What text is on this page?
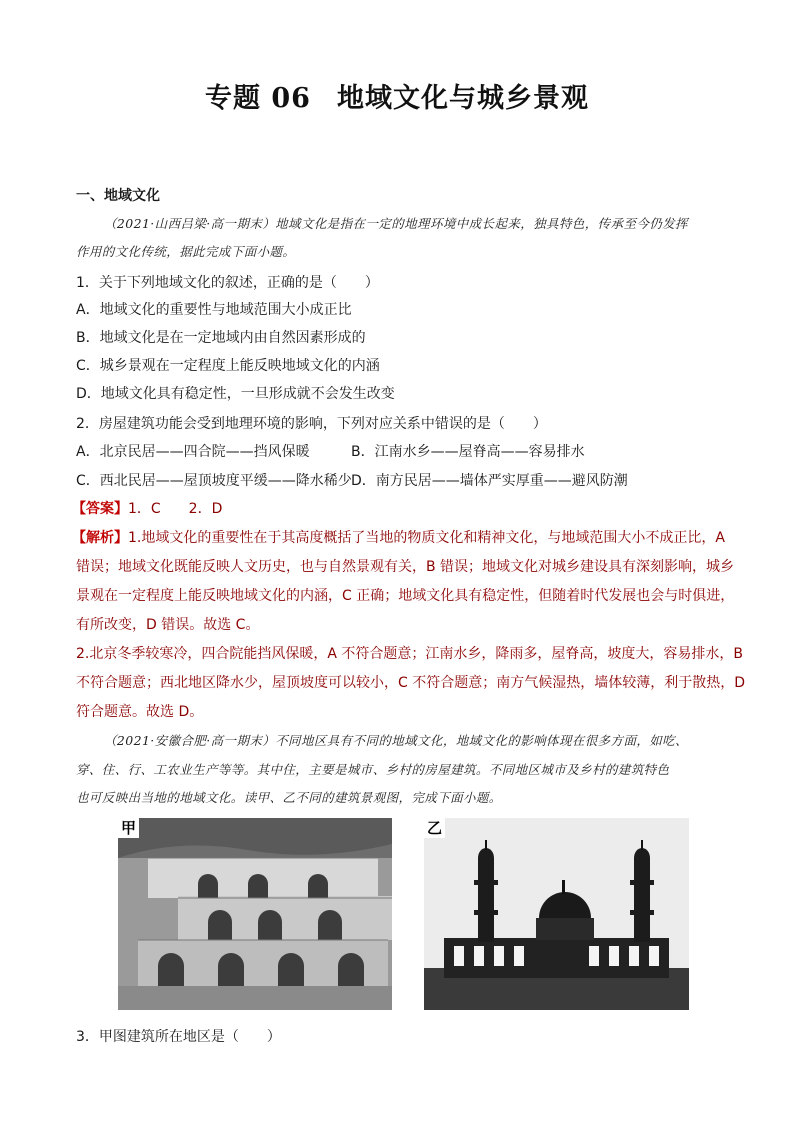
专题 06 地域文化与城乡景观
一、地域文化
（2021·山西吕梁·高一期末）地域文化是指在一定的地理环境中成长起来，独具特色，传承至今仍发挥
作用的文化传统，据此完成下面小题。
1．关于下列地域文化的叙述，正确的是（　　）
A．地域文化的重要性与地域范围大小成正比
B．地域文化是在一定地域内由自然因素形成的
C．城乡景观在一定程度上能反映地域文化的内涵
D．地域文化具有稳定性，一旦形成就不会发生改变
2．房屋建筑功能会受到地理环境的影响，下列对应关系中错误的是（　　）
A．北京民居——四合院——挡风保暖	B．江南水乡——屋脊高——容易排水
C．西北民居——屋顶坡度平缓——降水稀少 D．南方民居——墙体严实厚重——避风防潮
【答案】1．C　　2．D
【解析】1.地域文化的重要性在于其高度概括了当地的物质文化和精神文化，与地域范围大小不成正比，A
错误；地域文化既能反映人文历史，也与自然景观有关，B 错误；地域文化对城乡建设具有深刻影响，城乡
景观在一定程度上能反映地域文化的内涵，C 正确；地域文化具有稳定性，但随着时代发展也会与时俱进，
有所改变，D 错误。故选 C。
2.北京冬季较寒冷，四合院能挡风保暖，A 不符合题意；江南水乡，降雨多，屋脊高，坡度大，容易排水，B
不符合题意；西北地区降水少，屋顶坡度可以较小，C 不符合题意；南方气候湿热，墙体较薄，利于散热，D
符合题意。故选 D。
（2021·安徽合肥·高一期末）不同地区具有不同的地域文化，地域文化的影响体现在很多方面，如吃、
穿、住、行、工农业生产等等。其中住，主要是城市、乡村的房屋建筑。不同地区城市及乡村的建筑特色
也可反映出当地的地域文化。读甲、乙不同的建筑景观图，完成下面小题。
甲	乙
3．甲图建筑所在地区是（　　）
